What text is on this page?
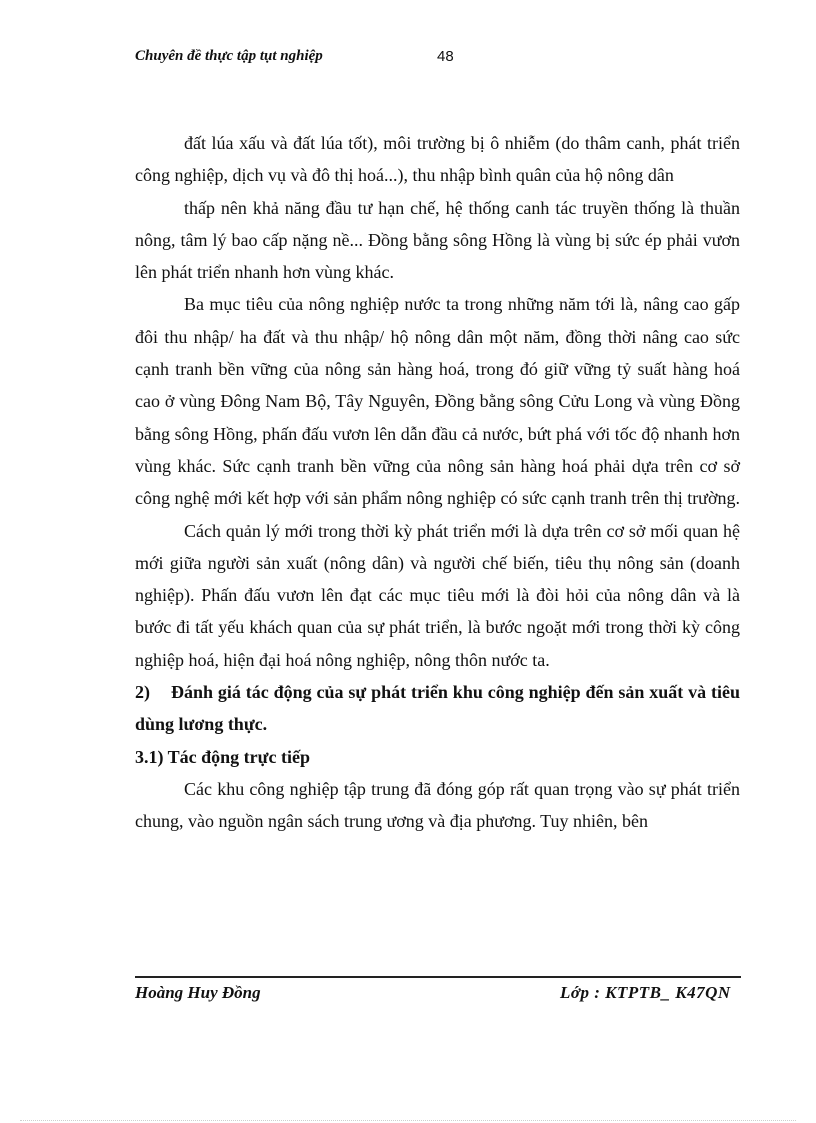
Chuyên đề thực tập tụt nghiệp	48

đất lúa xấu và đất lúa tốt), môi trường bị ô nhiễm (do thâm canh, phát triển công nghiệp, dịch vụ và đô thị hoá...), thu nhập bình quân của hộ nông dân

thấp nên khả năng đầu tư hạn chế, hệ thống canh tác truyền thống là thuần nông, tâm lý bao cấp nặng nề... Đồng bằng sông Hồng là vùng bị sức ép phải vươn lên phát triển nhanh hơn vùng khác.

Ba mục tiêu của nông nghiệp nước ta trong những năm tới là, nâng cao gấp đôi thu nhập/ ha đất và thu nhập/ hộ nông dân một năm, đồng thời nâng cao sức cạnh tranh bền vững của nông sản hàng hoá, trong đó giữ vững tỷ suất hàng hoá cao ở vùng Đông Nam Bộ, Tây Nguyên, Đồng bằng sông Cửu Long và vùng Đồng bằng sông Hồng, phấn đấu vươn lên dẫn đầu cả nước, bứt phá với tốc độ nhanh hơn vùng khác. Sức cạnh tranh bền vững của nông sản hàng hoá phải dựa trên cơ sở công nghệ mới kết hợp với sản phẩm nông nghiệp có sức cạnh tranh trên thị trường.

Cách quản lý mới trong thời kỳ phát triển mới là dựa trên cơ sở mối quan hệ mới giữa người sản xuất (nông dân) và người chế biến, tiêu thụ nông sản (doanh nghiệp). Phấn đấu vươn lên đạt các mục tiêu mới là đòi hỏi của nông dân và là bước đi tất yếu khách quan của sự phát triển, là bước ngoặt mới trong thời kỳ công nghiệp hoá, hiện đại hoá nông nghiệp, nông thôn nước ta.

2) Đánh giá tác động của sự phát triển khu công nghiệp đến sản xuất và tiêu dùng lương thực.

3.1) Tác động trực tiếp

Các khu công nghiệp tập trung đã đóng góp rất quan trọng vào sự phát triển chung, vào nguồn ngân sách trung ương và địa phương. Tuy nhiên, bên

Hoàng Huy Đồng	Lớp : KTPTB_ K47QN
